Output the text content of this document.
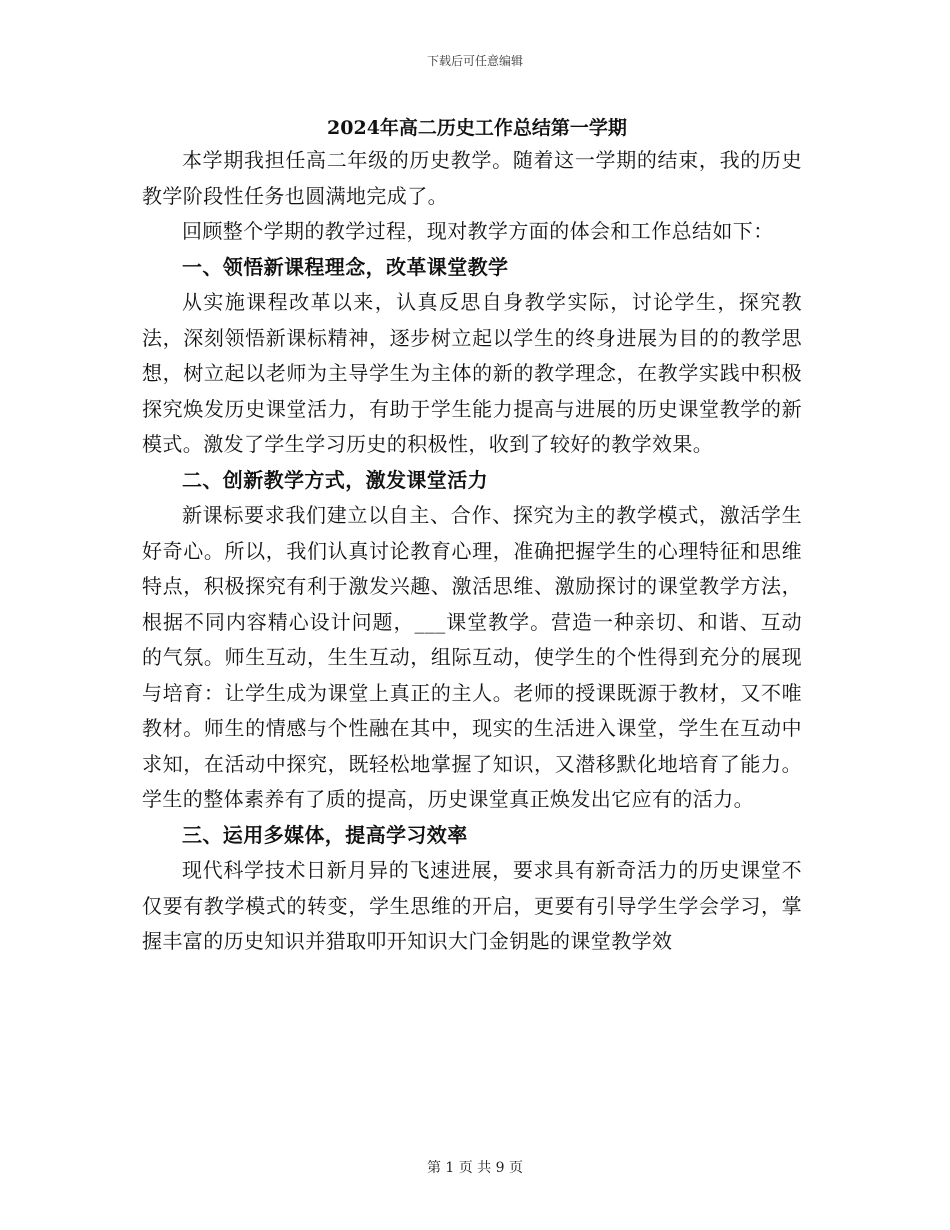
下载后可任意编辑

2024年高二历史工作总结第一学期

本学期我担任高二年级的历史教学。随着这一学期的结束，我的历史教学阶段性任务也圆满地完成了。

回顾整个学期的教学过程，现对教学方面的体会和工作总结如下：

一、领悟新课程理念，改革课堂教学

从实施课程改革以来，认真反思自身教学实际，讨论学生，探究教法，深刻领悟新课标精神，逐步树立起以学生的终身进展为目的的教学思想，树立起以老师为主导学生为主体的新的教学理念，在教学实践中积极探究焕发历史课堂活力，有助于学生能力提高与进展的历史课堂教学的新模式。激发了学生学习历史的积极性，收到了较好的教学效果。

二、创新教学方式，激发课堂活力

新课标要求我们建立以自主、合作、探究为主的教学模式，激活学生好奇心。所以，我们认真讨论教育心理，准确把握学生的心理特征和思维特点，积极探究有利于激发兴趣、激活思维、激励探讨的课堂教学方法，根据不同内容精心设计问题，___课堂教学。营造一种亲切、和谐、互动的气氛。师生互动，生生互动，组际互动，使学生的个性得到充分的展现与培育：让学生成为课堂上真正的主人。老师的授课既源于教材，又不唯教材。师生的情感与个性融在其中，现实的生活进入课堂，学生在互动中求知，在活动中探究，既轻松地掌握了知识，又潜移默化地培育了能力。学生的整体素养有了质的提高，历史课堂真正焕发出它应有的活力。

三、运用多媒体，提高学习效率

现代科学技术日新月异的飞速进展，要求具有新奇活力的历史课堂不仅要有教学模式的转变，学生思维的开启，更要有引导学生学会学习，掌握丰富的历史知识并猎取叩开知识大门金钥匙的课堂教学效

第 1 页 共 9 页
